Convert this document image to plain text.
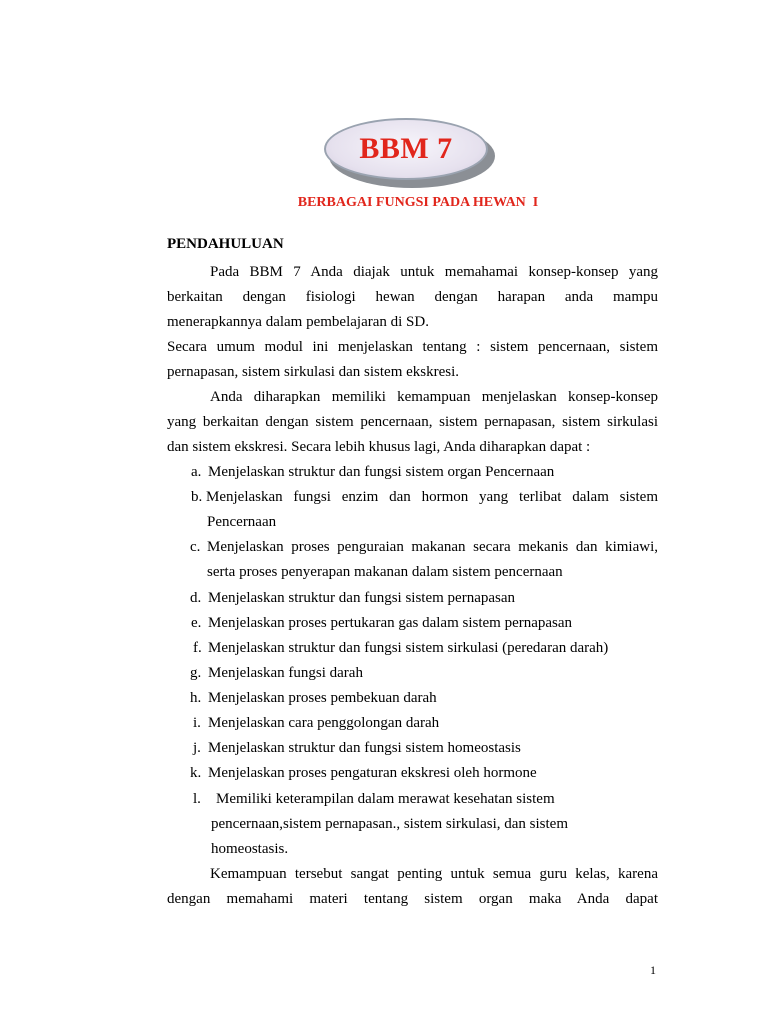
BBM 7
BERBAGAI FUNGSI PADA HEWAN  I
PENDAHULUAN
Pada BBM 7 Anda diajak untuk memahamai konsep-konsep yang
berkaitan dengan fisiologi hewan dengan harapan anda mampu
menerapkannya dalam pembelajaran di SD.
Secara umum modul ini menjelaskan tentang : sistem pencernaan, sistem
pernapasan, sistem sirkulasi dan sistem ekskresi.
Anda diharapkan memiliki kemampuan menjelaskan konsep-konsep
yang berkaitan dengan sistem pencernaan, sistem pernapasan, sistem sirkulasi
dan sistem ekskresi. Secara lebih khusus lagi, Anda diharapkan dapat :
a. Menjelaskan struktur dan fungsi sistem organ Pencernaan
b. Menjelaskan fungsi enzim dan hormon yang terlibat dalam sistem
Pencernaan
c. Menjelaskan proses penguraian makanan secara mekanis dan kimiawi,
serta proses penyerapan makanan dalam sistem pencernaan
d. Menjelaskan struktur dan fungsi sistem pernapasan
e. Menjelaskan proses pertukaran gas dalam sistem pernapasan
f. Menjelaskan struktur dan fungsi sistem sirkulasi (peredaran darah)
g. Menjelaskan fungsi darah
h. Menjelaskan proses pembekuan darah
i. Menjelaskan cara penggolongan darah
j. Menjelaskan struktur dan fungsi sistem homeostasis
k. Menjelaskan proses pengaturan ekskresi oleh hormone
l. Memiliki keterampilan dalam merawat kesehatan sistem
pencernaan,sistem pernapasan., sistem sirkulasi, dan sistem
homeostasis.
Kemampuan tersebut sangat penting untuk semua guru kelas, karena
dengan memahami materi tentang sistem organ maka Anda dapat
1
